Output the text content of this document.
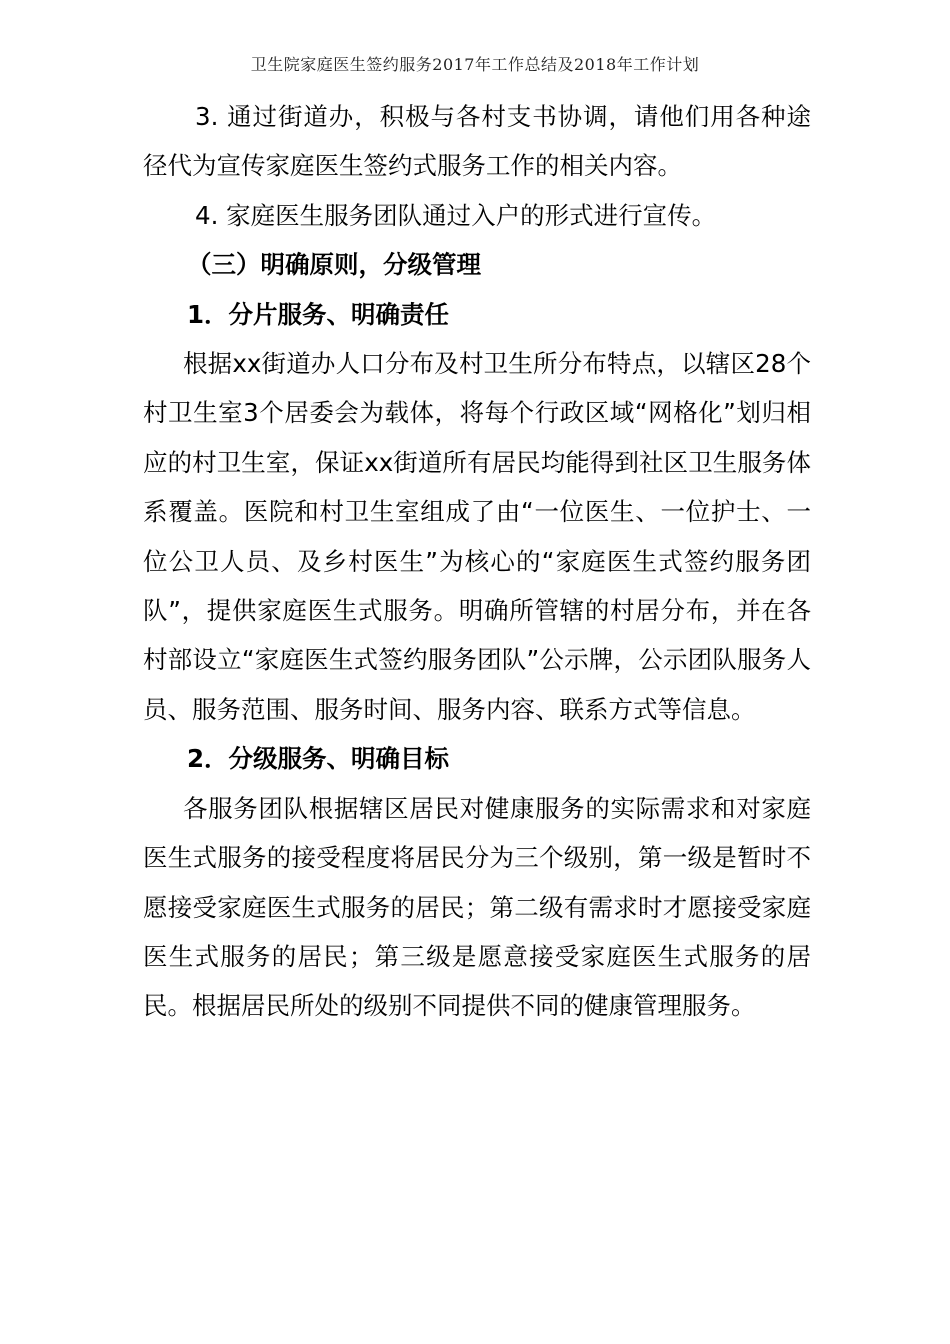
卫生院家庭医生签约服务2017年工作总结及2018年工作计划

3. 通过街道办，积极与各村支书协调，请他们用各种途径代为宣传家庭医生签约式服务工作的相关内容。

4. 家庭医生服务团队通过入户的形式进行宣传。

（三）明确原则，分级管理

1．分片服务、明确责任

根据xx街道办人口分布及村卫生所分布特点，以辖区28个村卫生室3个居委会为载体，将每个行政区域“网格化”划归相应的村卫生室，保证xx街道所有居民均能得到社区卫生服务体系覆盖。医院和村卫生室组成了由“一位医生、一位护士、一位公卫人员、及乡村医生”为核心的“家庭医生式签约服务团队”，提供家庭医生式服务。明确所管辖的村居分布，并在各村部设立“家庭医生式签约服务团队”公示牌，公示团队服务人员、服务范围、服务时间、服务内容、联系方式等信息。

2．分级服务、明确目标

各服务团队根据辖区居民对健康服务的实际需求和对家庭医生式服务的接受程度将居民分为三个级别，第一级是暂时不愿接受家庭医生式服务的居民；第二级有需求时才愿接受家庭医生式服务的居民；第三级是愿意接受家庭医生式服务的居民。根据居民所处的级别不同提供不同的健康管理服务。
